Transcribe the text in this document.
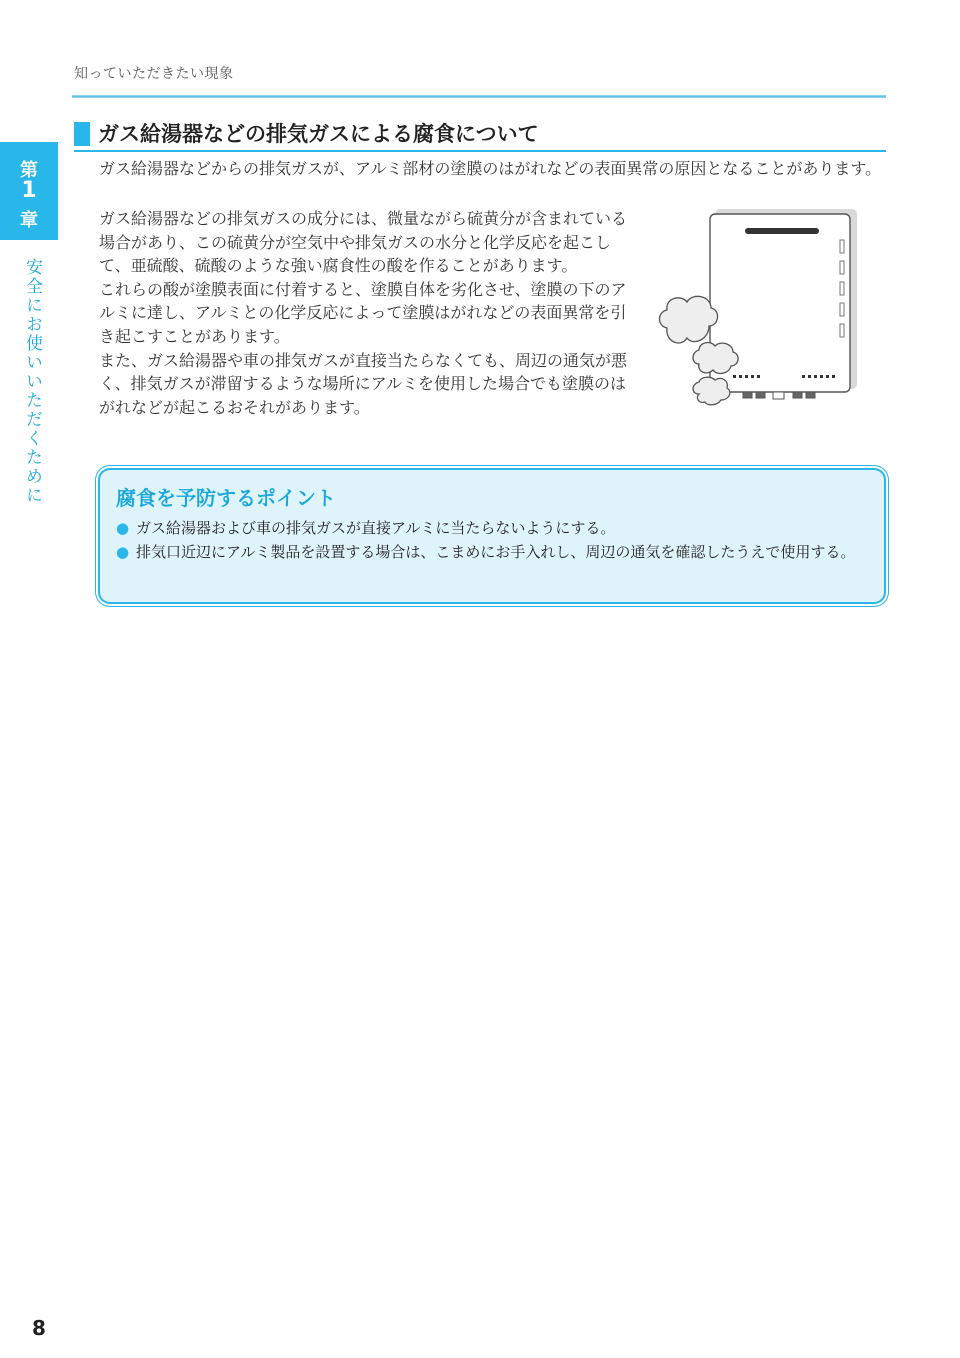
知っていただきたい現象
第
1
章
安全にお使いいただくために
ガス給湯器などの排気ガスによる腐食について

ガス給湯器などからの排気ガスが、アルミ部材の塗膜のはがれなどの表面異常の原因となることがあります。

ガス給湯器などの排気ガスの成分には、微量ながら硫黄分が含まれている場合があり、この硫黄分が空気中や排気ガスの水分と化学反応を起こして、亜硫酸、硫酸のような強い腐食性の酸を作ることがあります。
これらの酸が塗膜表面に付着すると、塗膜自体を劣化させ、塗膜の下のアルミに達し、アルミとの化学反応によって塗膜はがれなどの表面異常を引き起こすことがあります。
また、ガス給湯器や車の排気ガスが直接当たらなくても、周辺の通気が悪く、排気ガスが滞留するような場所にアルミを使用した場合でも塗膜のはがれなどが起こるおそれがあります。
腐食を予防するポイント
● ガス給湯器および車の排気ガスが直接アルミに当たらないようにする。
● 排気口近辺にアルミ製品を設置する場合は、こまめにお手入れし、周辺の通気を確認したうえで使用する。
8
